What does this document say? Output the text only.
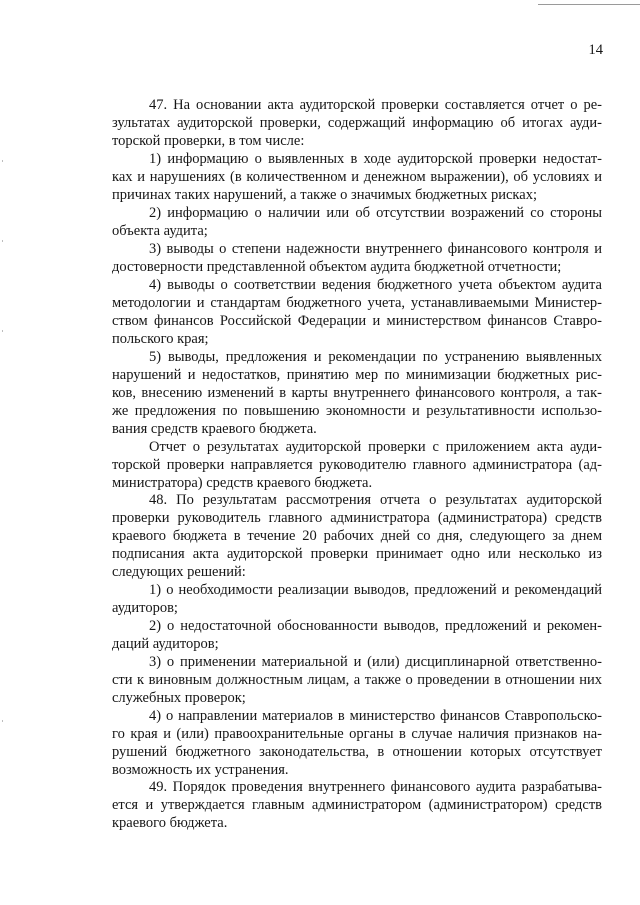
14
47. На основании акта аудиторской проверки составляется отчет о ре-
зультатах аудиторской проверки, содержащий информацию об итогах ауди-
торской проверки, в том числе:
1) информацию о выявленных в ходе аудиторской проверки недостат-
ках и нарушениях (в количественном и денежном выражении), об условиях и
причинах таких нарушений, а также о значимых бюджетных рисках;
2) информацию о наличии или об отсутствии возражений со стороны
объекта аудита;
3) выводы о степени надежности внутреннего финансового контроля и
достоверности представленной объектом аудита бюджетной отчетности;
4) выводы о соответствии ведения бюджетного учета объектом аудита
методологии и стандартам бюджетного учета, устанавливаемыми Министер-
ством финансов Российской Федерации и министерством финансов Ставро-
польского края;
5) выводы, предложения и рекомендации по устранению выявленных
нарушений и недостатков, принятию мер по минимизации бюджетных рис-
ков, внесению изменений в карты внутреннего финансового контроля, а так-
же предложения по повышению экономности и результативности использо-
вания средств краевого бюджета.
Отчет о результатах аудиторской проверки с приложением акта ауди-
торской проверки направляется руководителю главного администратора (ад-
министратора) средств краевого бюджета.
48. По результатам рассмотрения отчета о результатах аудиторской
проверки руководитель главного администратора (администратора) средств
краевого бюджета в течение 20 рабочих дней со дня, следующего за днем
подписания акта аудиторской проверки принимает одно или несколько из
следующих решений:
1) о необходимости реализации выводов, предложений и рекомендаций
аудиторов;
2) о недостаточной обоснованности выводов, предложений и рекомен-
даций аудиторов;
3) о применении материальной и (или) дисциплинарной ответственно-
сти к виновным должностным лицам, а также о проведении в отношении них
служебных проверок;
4) о направлении материалов в министерство финансов Ставропольско-
го края и (или) правоохранительные органы в случае наличия признаков на-
рушений бюджетного законодательства, в отношении которых отсутствует
возможность их устранения.
49. Порядок проведения внутреннего финансового аудита разрабатыва-
ется и утверждается главным администратором (администратором) средств
краевого бюджета.
